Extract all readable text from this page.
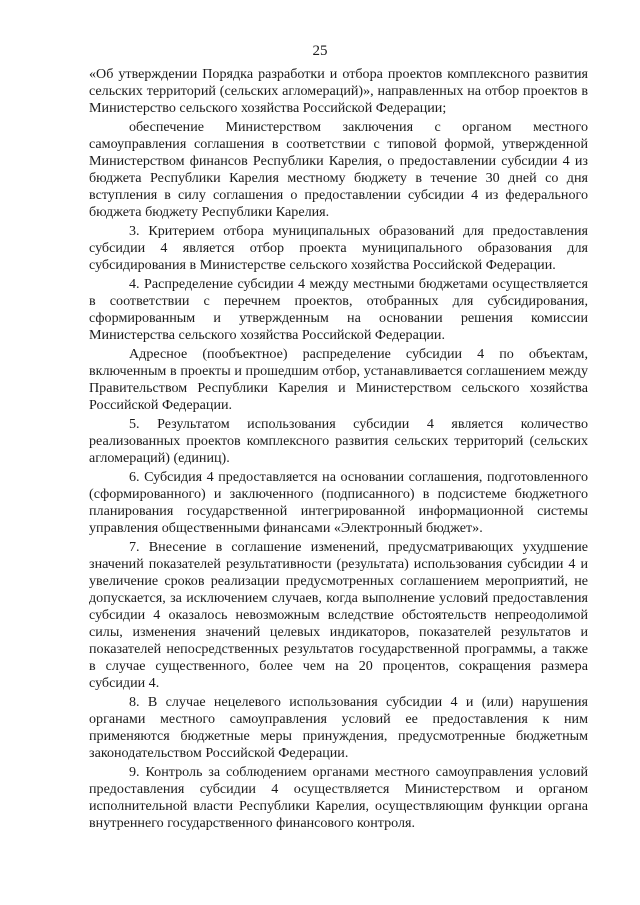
25

«Об утверждении Порядка разработки и отбора проектов комплексного развития сельских территорий (сельских агломераций)», направленных на отбор проектов в Министерство сельского хозяйства Российской Федерации;

обеспечение Министерством заключения с органом местного самоуправления соглашения в соответствии с типовой формой, утвержденной Министерством финансов Республики Карелия, о предоставлении субсидии 4 из бюджета Республики Карелия местному бюджету в течение 30 дней со дня вступления в силу соглашения о предоставлении субсидии 4 из федерального бюджета бюджету Республики Карелия.

3. Критерием отбора муниципальных образований для предоставления субсидии 4 является отбор проекта муниципального образования для субсидирования в Министерстве сельского хозяйства Российской Федерации.

4. Распределение субсидии 4 между местными бюджетами осуществляется в соответствии с перечнем проектов, отобранных для субсидирования, сформированным и утвержденным на основании решения комиссии Министерства сельского хозяйства Российской Федерации.

Адресное (пообъектное) распределение субсидии 4 по объектам, включенным в проекты и прошедшим отбор, устанавливается соглашением между Правительством Республики Карелия и Министерством сельского хозяйства Российской Федерации.

5. Результатом использования субсидии 4 является количество реализованных проектов комплексного развития сельских территорий (сельских агломераций) (единиц).

6. Субсидия 4 предоставляется на основании соглашения, подготовленного (сформированного) и заключенного (подписанного) в подсистеме бюджетного планирования государственной интегрированной информационной системы управления общественными финансами «Электронный бюджет».

7. Внесение в соглашение изменений, предусматривающих ухудшение значений показателей результативности (результата) использования субсидии 4 и увеличение сроков реализации предусмотренных соглашением мероприятий, не допускается, за исключением случаев, когда выполнение условий предоставления субсидии 4 оказалось невозможным вследствие обстоятельств непреодолимой силы, изменения значений целевых индикаторов, показателей результатов и показателей непосредственных результатов государственной программы, а также в случае существенного, более чем на 20 процентов, сокращения размера субсидии 4.

8. В случае нецелевого использования субсидии 4 и (или) нарушения органами местного самоуправления условий ее предоставления к ним применяются бюджетные меры принуждения, предусмотренные бюджетным законодательством Российской Федерации.

9. Контроль за соблюдением органами местного самоуправления условий предоставления субсидии 4 осуществляется Министерством и органом исполнительной власти Республики Карелия, осуществляющим функции органа внутреннего государственного финансового контроля.
